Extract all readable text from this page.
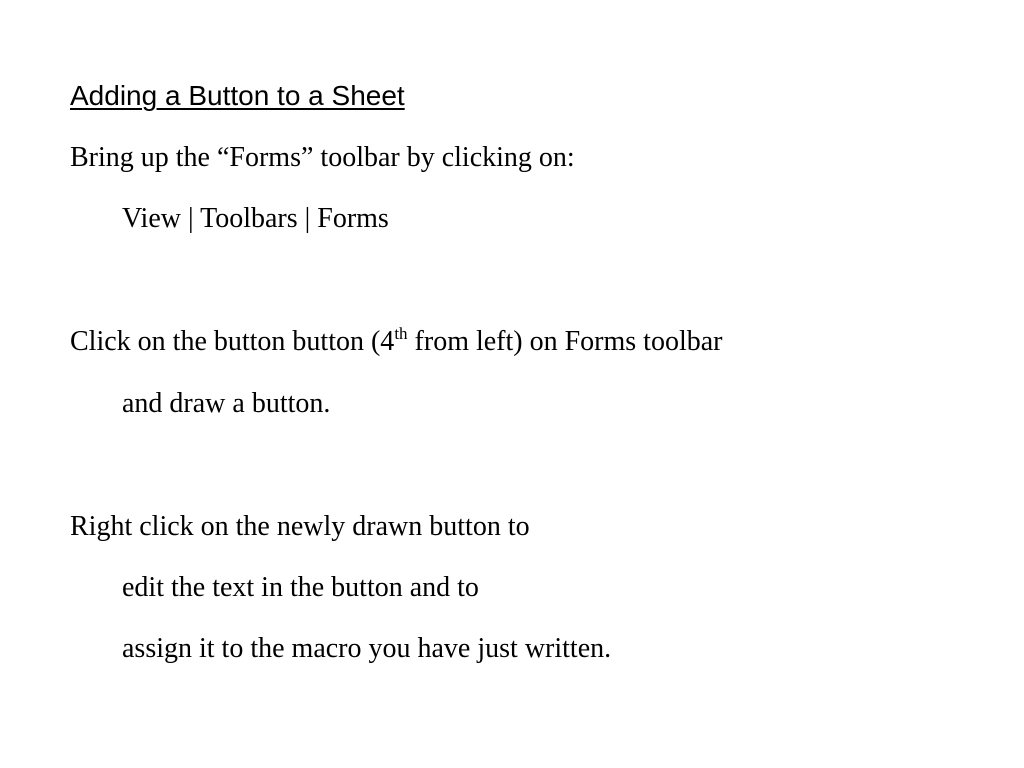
Adding a Button to a Sheet
Bring up the “Forms” toolbar by clicking on:
View | Toolbars | Forms
Click on the button button (4th from left) on Forms toolbar
and draw a button.
Right click on the newly drawn button to
edit the text in the button and to
assign it to the macro you have just written.
